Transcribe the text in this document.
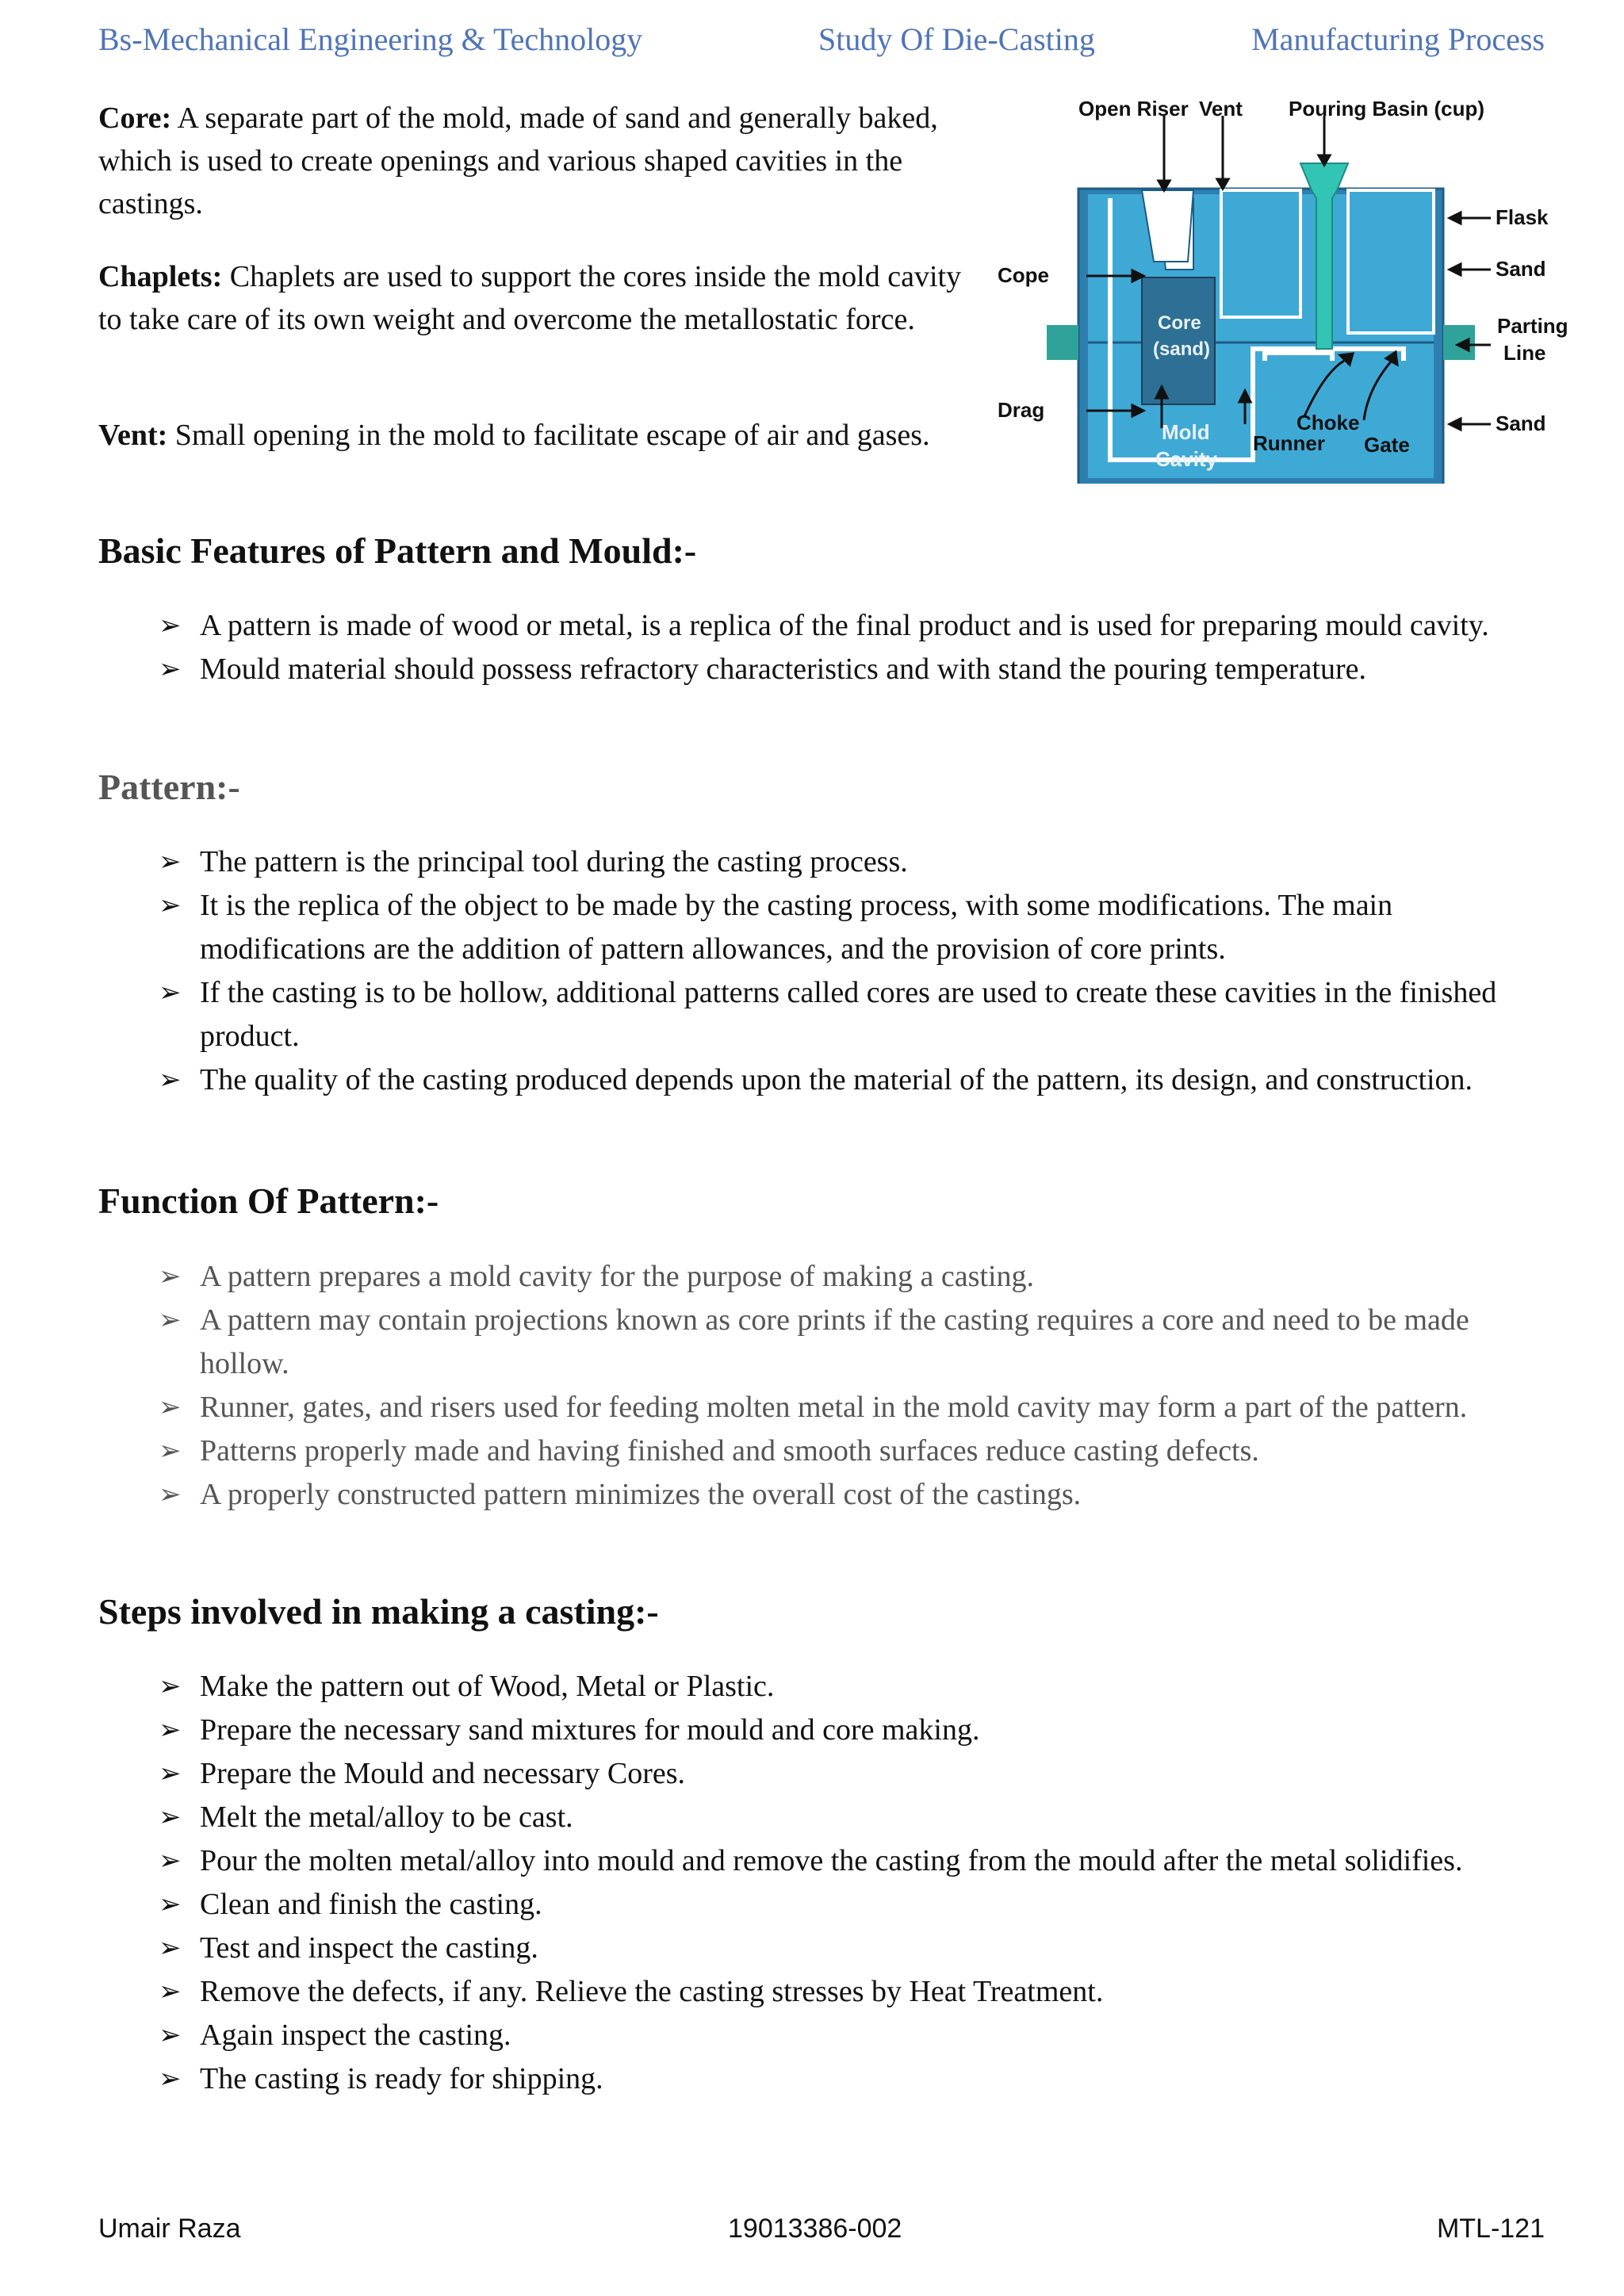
Bs-Mechanical Engineering & Technology	Study Of Die-Casting	Manufacturing Process

Core: A separate part of the mold, made of sand and generally baked, which is used to create openings and various shaped cavities in the castings.

Chaplets: Chaplets are used to support the cores inside the mold cavity to take care of its own weight and overcome the metallostatic force.

Vent: Small opening in the mold to facilitate escape of air and gases.

Open Riser Vent Pouring Basin (cup)
Flask
Sand
Cope
Parting
Line
Drag
Runner
Choke
Gate
Sand
Core
(sand)
Mold
Cavity
Basic Features of Pattern and Mould:-
➢ A pattern is made of wood or metal, is a replica of the final product and is used for preparing mould cavity.
➢ Mould material should possess refractory characteristics and with stand the pouring temperature.
Pattern:-
➢ The pattern is the principal tool during the casting process.
➢ It is the replica of the object to be made by the casting process, with some modifications. The main modifications are the addition of pattern allowances, and the provision of core prints.
➢ If the casting is to be hollow, additional patterns called cores are used to create these cavities in the finished product.
➢ The quality of the casting produced depends upon the material of the pattern, its design, and construction.
Function Of Pattern:-
➢ A pattern prepares a mold cavity for the purpose of making a casting.
➢ A pattern may contain projections known as core prints if the casting requires a core and need to be made hollow.
➢ Runner, gates, and risers used for feeding molten metal in the mold cavity may form a part of the pattern.
➢ Patterns properly made and having finished and smooth surfaces reduce casting defects.
➢ A properly constructed pattern minimizes the overall cost of the castings.
Steps involved in making a casting:-
➢ Make the pattern out of Wood, Metal or Plastic.
➢ Prepare the necessary sand mixtures for mould and core making.
➢ Prepare the Mould and necessary Cores.
➢ Melt the metal/alloy to be cast.
➢ Pour the molten metal/alloy into mould and remove the casting from the mould after the metal solidifies.
➢ Clean and finish the casting.
➢ Test and inspect the casting.
➢ Remove the defects, if any. Relieve the casting stresses by Heat Treatment.
➢ Again inspect the casting.
➢ The casting is ready for shipping.
Umair Raza	19013386-002	MTL-121
